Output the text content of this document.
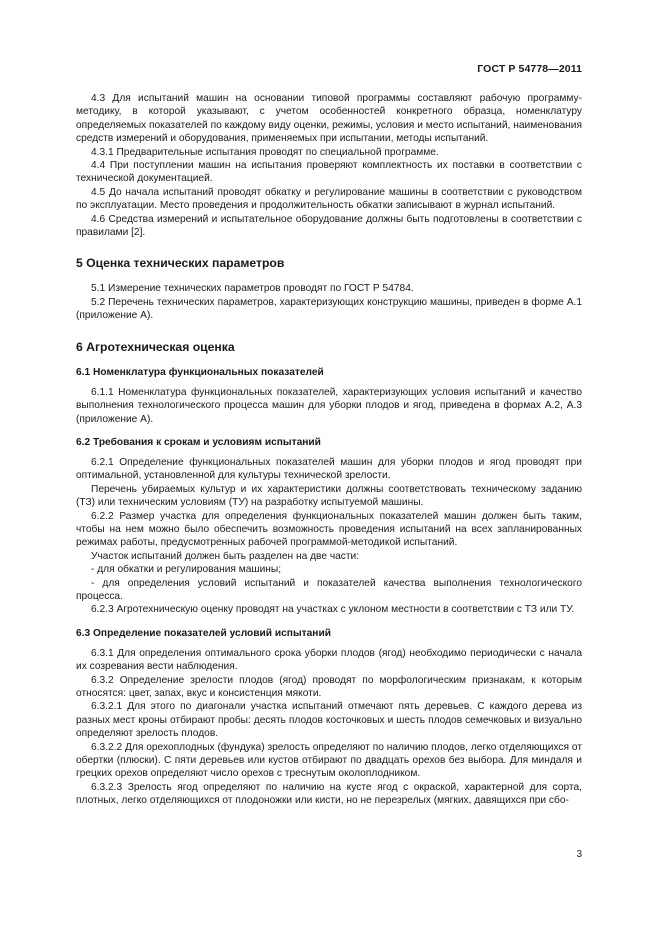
ГОСТ Р 54778—2011

4.3 Для испытаний машин на основании типовой программы составляют рабочую программу-методику, в которой указывают, с учетом особенностей конкретного образца, номенклатуру определяемых показателей по каждому виду оценки, режимы, условия и место испытаний, наименования средств измерений и оборудования, применяемых при испытании, методы испытаний.

4.3.1 Предварительные испытания проводят по специальной программе.

4.4 При поступлении машин на испытания проверяют комплектность их поставки в соответствии с технической документацией.

4.5 До начала испытаний проводят обкатку и регулирование машины в соответствии с руководством по эксплуатации. Место проведения и продолжительность обкатки записывают в журнал испытаний.

4.6 Средства измерений и испытательное оборудование должны быть подготовлены в соответствии с правилами [2].

5 Оценка технических параметров

5.1 Измерение технических параметров проводят по ГОСТ Р 54784.

5.2 Перечень технических параметров, характеризующих конструкцию машины, приведен в форме А.1 (приложение А).

6 Агротехническая оценка
6.1 Номенклатура функциональных показателей

6.1.1 Номенклатура функциональных показателей, характеризующих условия испытаний и качество выполнения технологического процесса машин для уборки плодов и ягод, приведена в формах А.2, А.3 (приложение А).

6.2 Требования к срокам и условиям испытаний

6.2.1 Определение функциональных показателей машин для уборки плодов и ягод проводят при оптимальной, установленной для культуры технической зрелости.

Перечень убираемых культур и их характеристики должны соответствовать техническому заданию (ТЗ) или техническим условиям (ТУ) на разработку испытуемой машины.

6.2.2 Размер участка для определения функциональных показателей машин должен быть таким, чтобы на нем можно было обеспечить возможность проведения испытаний на всех запланированных режимах работы, предусмотренных рабочей программой-методикой испытаний.

Участок испытаний должен быть разделен на две части:

- для обкатки и регулирования машины;

- для определения условий испытаний и показателей качества выполнения технологического процесса.

6.2.3 Агротехническую оценку проводят на участках с уклоном местности в соответствии с ТЗ или ТУ.

6.3 Определение показателей условий испытаний

6.3.1 Для определения оптимального срока уборки плодов (ягод) необходимо периодически с начала их созревания вести наблюдения.

6.3.2 Определение зрелости плодов (ягод) проводят по морфологическим признакам, к которым относятся: цвет, запах, вкус и консистенция мякоти.

6.3.2.1 Для этого по диагонали участка испытаний отмечают пять деревьев. С каждого дерева из разных мест кроны отбирают пробы: десять плодов косточковых и шесть плодов семечковых и визуально определяют зрелость плодов.

6.3.2.2 Для орехоплодных (фундука) зрелость определяют по наличию плодов, легко отделяющихся от обертки (плюски). С пяти деревьев или кустов отбирают по двадцать орехов без выбора. Для миндаля и грецких орехов определяют число орехов с треснутым околоплодником.

6.3.2.3 Зрелость ягод определяют по наличию на кусте ягод с окраской, характерной для сорта, плотных, легко отделяющихся от плодоножки или кисти, но не перезрелых (мягких, давящихся при сбо-

3
